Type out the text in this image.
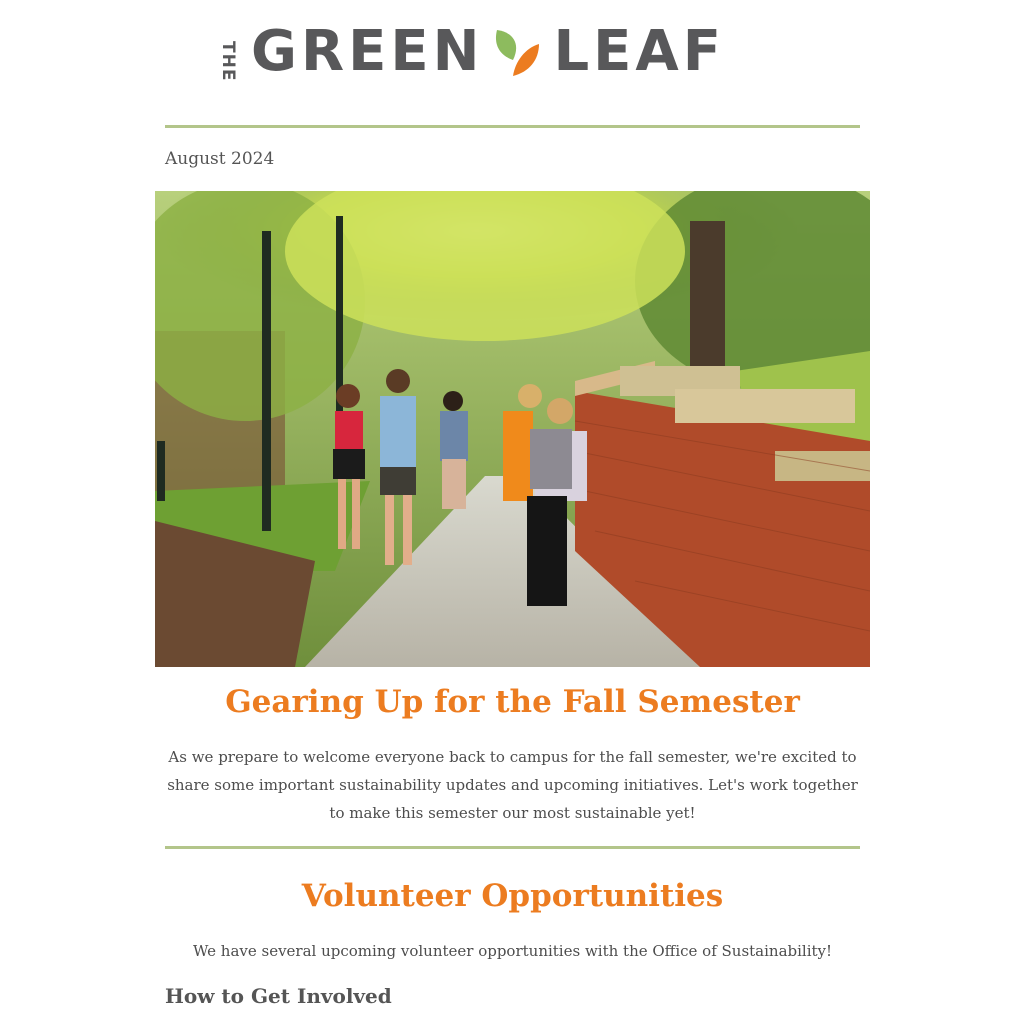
THE GREEN LEAF
August 2024
Gearing Up for the Fall Semester
As we prepare to welcome everyone back to campus for the fall semester, we're excited to share some important sustainability updates and upcoming initiatives. Let's work together to make this semester our most sustainable yet!
Volunteer Opportunities
We have several upcoming volunteer opportunities with the Office of Sustainability!
How to Get Involved
